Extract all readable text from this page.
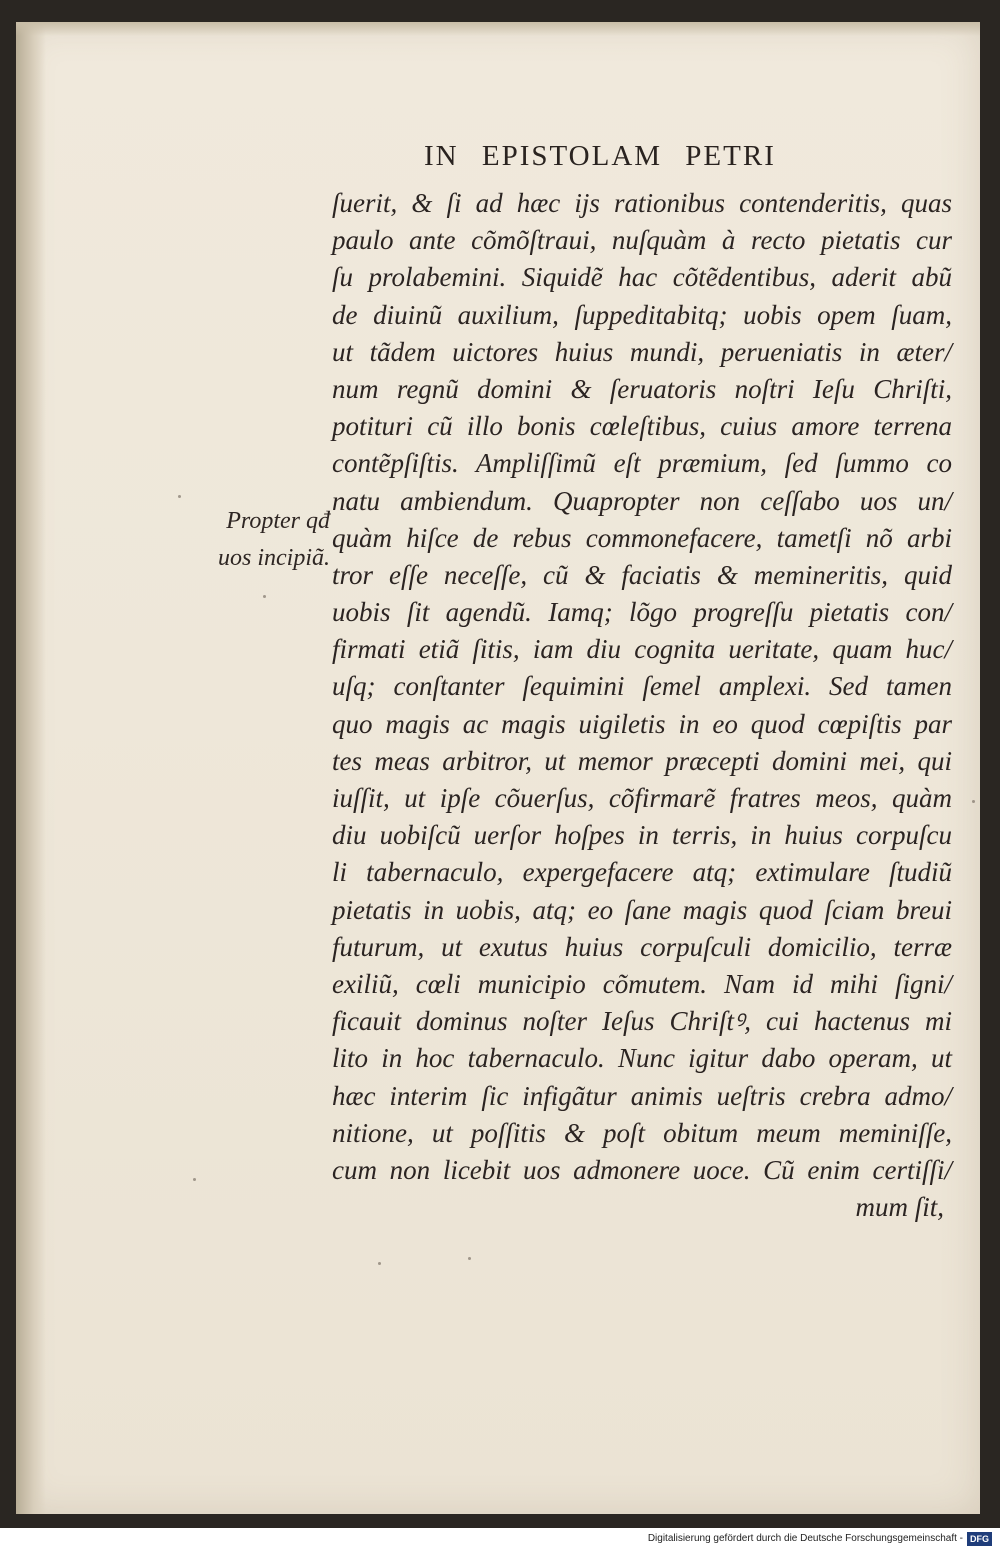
IN EPISTOLAM PETRI
Propter qđ
uos incipiã.
ſuerit, & ſi ad hæc ijs rationibus contenderitis, quas
paulo ante cõmõſtraui, nuſquàm à recto pietatis cur
ſu prolabemini. Siquidẽ hac cõtẽdentibus, aderit abũ
de diuinũ auxilium, ſuppeditabitq; uobis opem ſuam,
ut tãdem uictores huius mundi, perueniatis in æter/
num regnũ domini & ſeruatoris noſtri Ieſu Chriſti,
potituri cũ illo bonis cœleſtibus, cuius amore terrena
contẽpſiſtis. Ampliſſimũ eſt præmium, ſed ſummo co
natu ambiendum. Quapropter non ceſſabo uos un/
quàm hiſce de rebus commonefacere, tametſi nõ arbi
tror eſſe neceſſe, cũ & faciatis & memineritis, quid
uobis ſit agendũ. Iamq; lõgo progreſſu pietatis con/
firmati etiã ſitis, iam diu cognita ueritate, quam huc/
uſq; conſtanter ſequimini ſemel amplexi. Sed tamen
quo magis ac magis uigiletis in eo quod cœpiſtis par
tes meas arbitror, ut memor præcepti domini mei, qui
iuſſit, ut ipſe cõuerſus, cõfirmarẽ fratres meos, quàm
diu uobiſcũ uerſor hoſpes in terris, in huius corpuſcu
li tabernaculo, expergefacere atq; extimulare ſtudiũ
pietatis in uobis, atq; eo ſane magis quod ſciam breui
futurum, ut exutus huius corpuſculi domicilio, terræ
exiliũ, cœli municipio cõmutem. Nam id mihi ſigni/
ficauit dominus noſter Ieſus Chriſtꝰ, cui hactenus mi
lito in hoc tabernaculo. Nunc igitur dabo operam, ut
hæc interim ſic infigãtur animis ueſtris crebra admo/
nitione, ut poſſitis & poſt obitum meum meminiſſe,
cum non licebit uos admonere uoce. Cũ enim certiſſi/
mum ſit,
Digitalisierung gefördert durch die Deutsche Forschungsgemeinschaft - DFG
